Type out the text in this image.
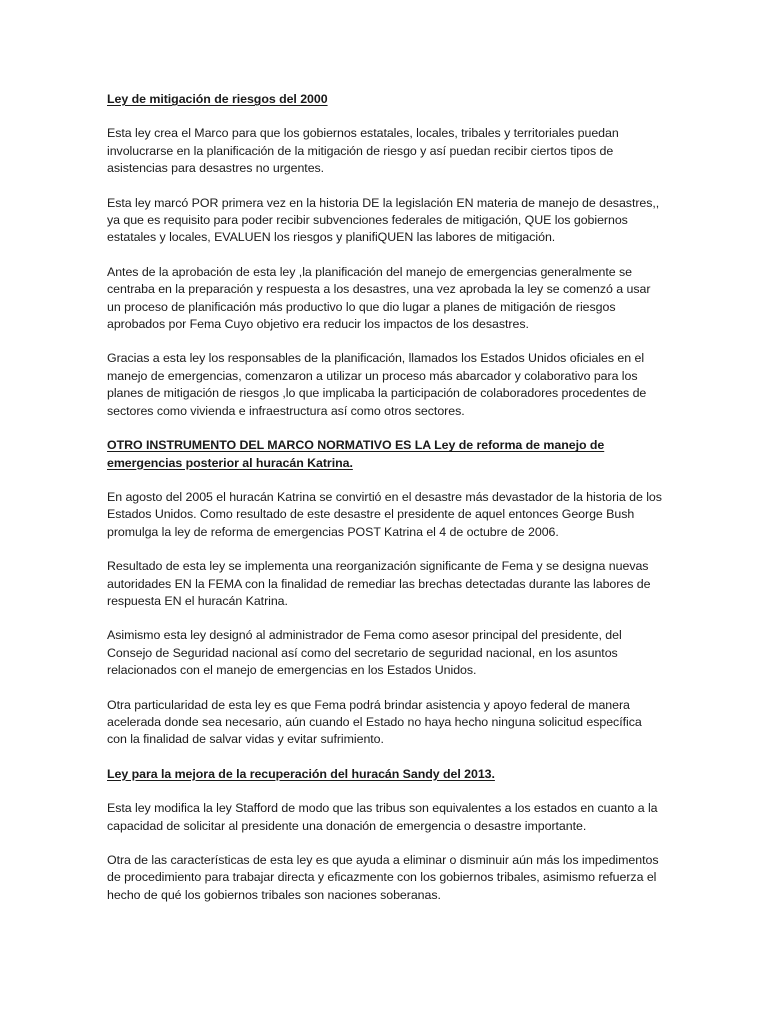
Ley de mitigación de riesgos del 2000

Esta ley crea el Marco para que los gobiernos estatales, locales, tribales y territoriales puedan involucrarse en la planificación de la mitigación de riesgo y así puedan recibir ciertos tipos de asistencias para desastres no urgentes.

Esta ley marcó POR primera vez en la historia DE la legislación EN materia de manejo de desastres,, ya que es requisito para poder recibir subvenciones federales de mitigación, QUE los gobiernos estatales y locales, EVALUEN los riesgos y planifiQUEN las labores de mitigación.

Antes de la aprobación de esta ley ,la planificación del manejo de emergencias generalmente se centraba en la preparación y respuesta a los desastres, una vez aprobada la ley se comenzó a usar un proceso de planificación más productivo lo que dio lugar a planes de mitigación de riesgos aprobados por Fema Cuyo objetivo era reducir los impactos de los desastres.

Gracias a esta ley los responsables de la planificación, llamados los Estados Unidos oficiales en el manejo de emergencias, comenzaron a utilizar un proceso más abarcador y colaborativo para los planes de mitigación de riesgos ,lo que implicaba la participación de colaboradores procedentes de sectores como vivienda e infraestructura así como otros sectores.

OTRO INSTRUMENTO DEL MARCO NORMATIVO ES LA Ley de reforma de manejo de emergencias posterior al huracán Katrina.

En agosto del 2005 el huracán Katrina se convirtió en el desastre más devastador de la historia de los Estados Unidos. Como resultado de este desastre el presidente de aquel entonces George Bush promulga la ley de reforma de emergencias POST Katrina el 4 de octubre de 2006.

Resultado de esta ley se implementa una reorganización significante de Fema y se designa nuevas autoridades EN la FEMA con la finalidad de remediar las brechas detectadas durante las labores de respuesta EN el huracán Katrina.

Asimismo esta ley designó al administrador de Fema como asesor principal del presidente, del Consejo de Seguridad nacional así como del secretario de seguridad nacional, en los asuntos relacionados con el manejo de emergencias en los Estados Unidos.

Otra particularidad de esta ley es que Fema podrá brindar asistencia y apoyo federal de manera acelerada donde sea necesario, aún cuando el Estado no haya hecho ninguna solicitud específica con la finalidad de salvar vidas y evitar sufrimiento.

Ley para la mejora de la recuperación del huracán Sandy del 2013.

Esta ley modifica la ley Stafford de modo que las tribus son equivalentes a los estados en cuanto a la capacidad de solicitar al presidente una donación de emergencia o desastre importante.

Otra de las características de esta ley es que ayuda a eliminar o disminuir aún más los impedimentos de procedimiento para trabajar directa y eficazmente con los gobiernos tribales, asimismo refuerza el hecho de qué los gobiernos tribales son naciones soberanas.
